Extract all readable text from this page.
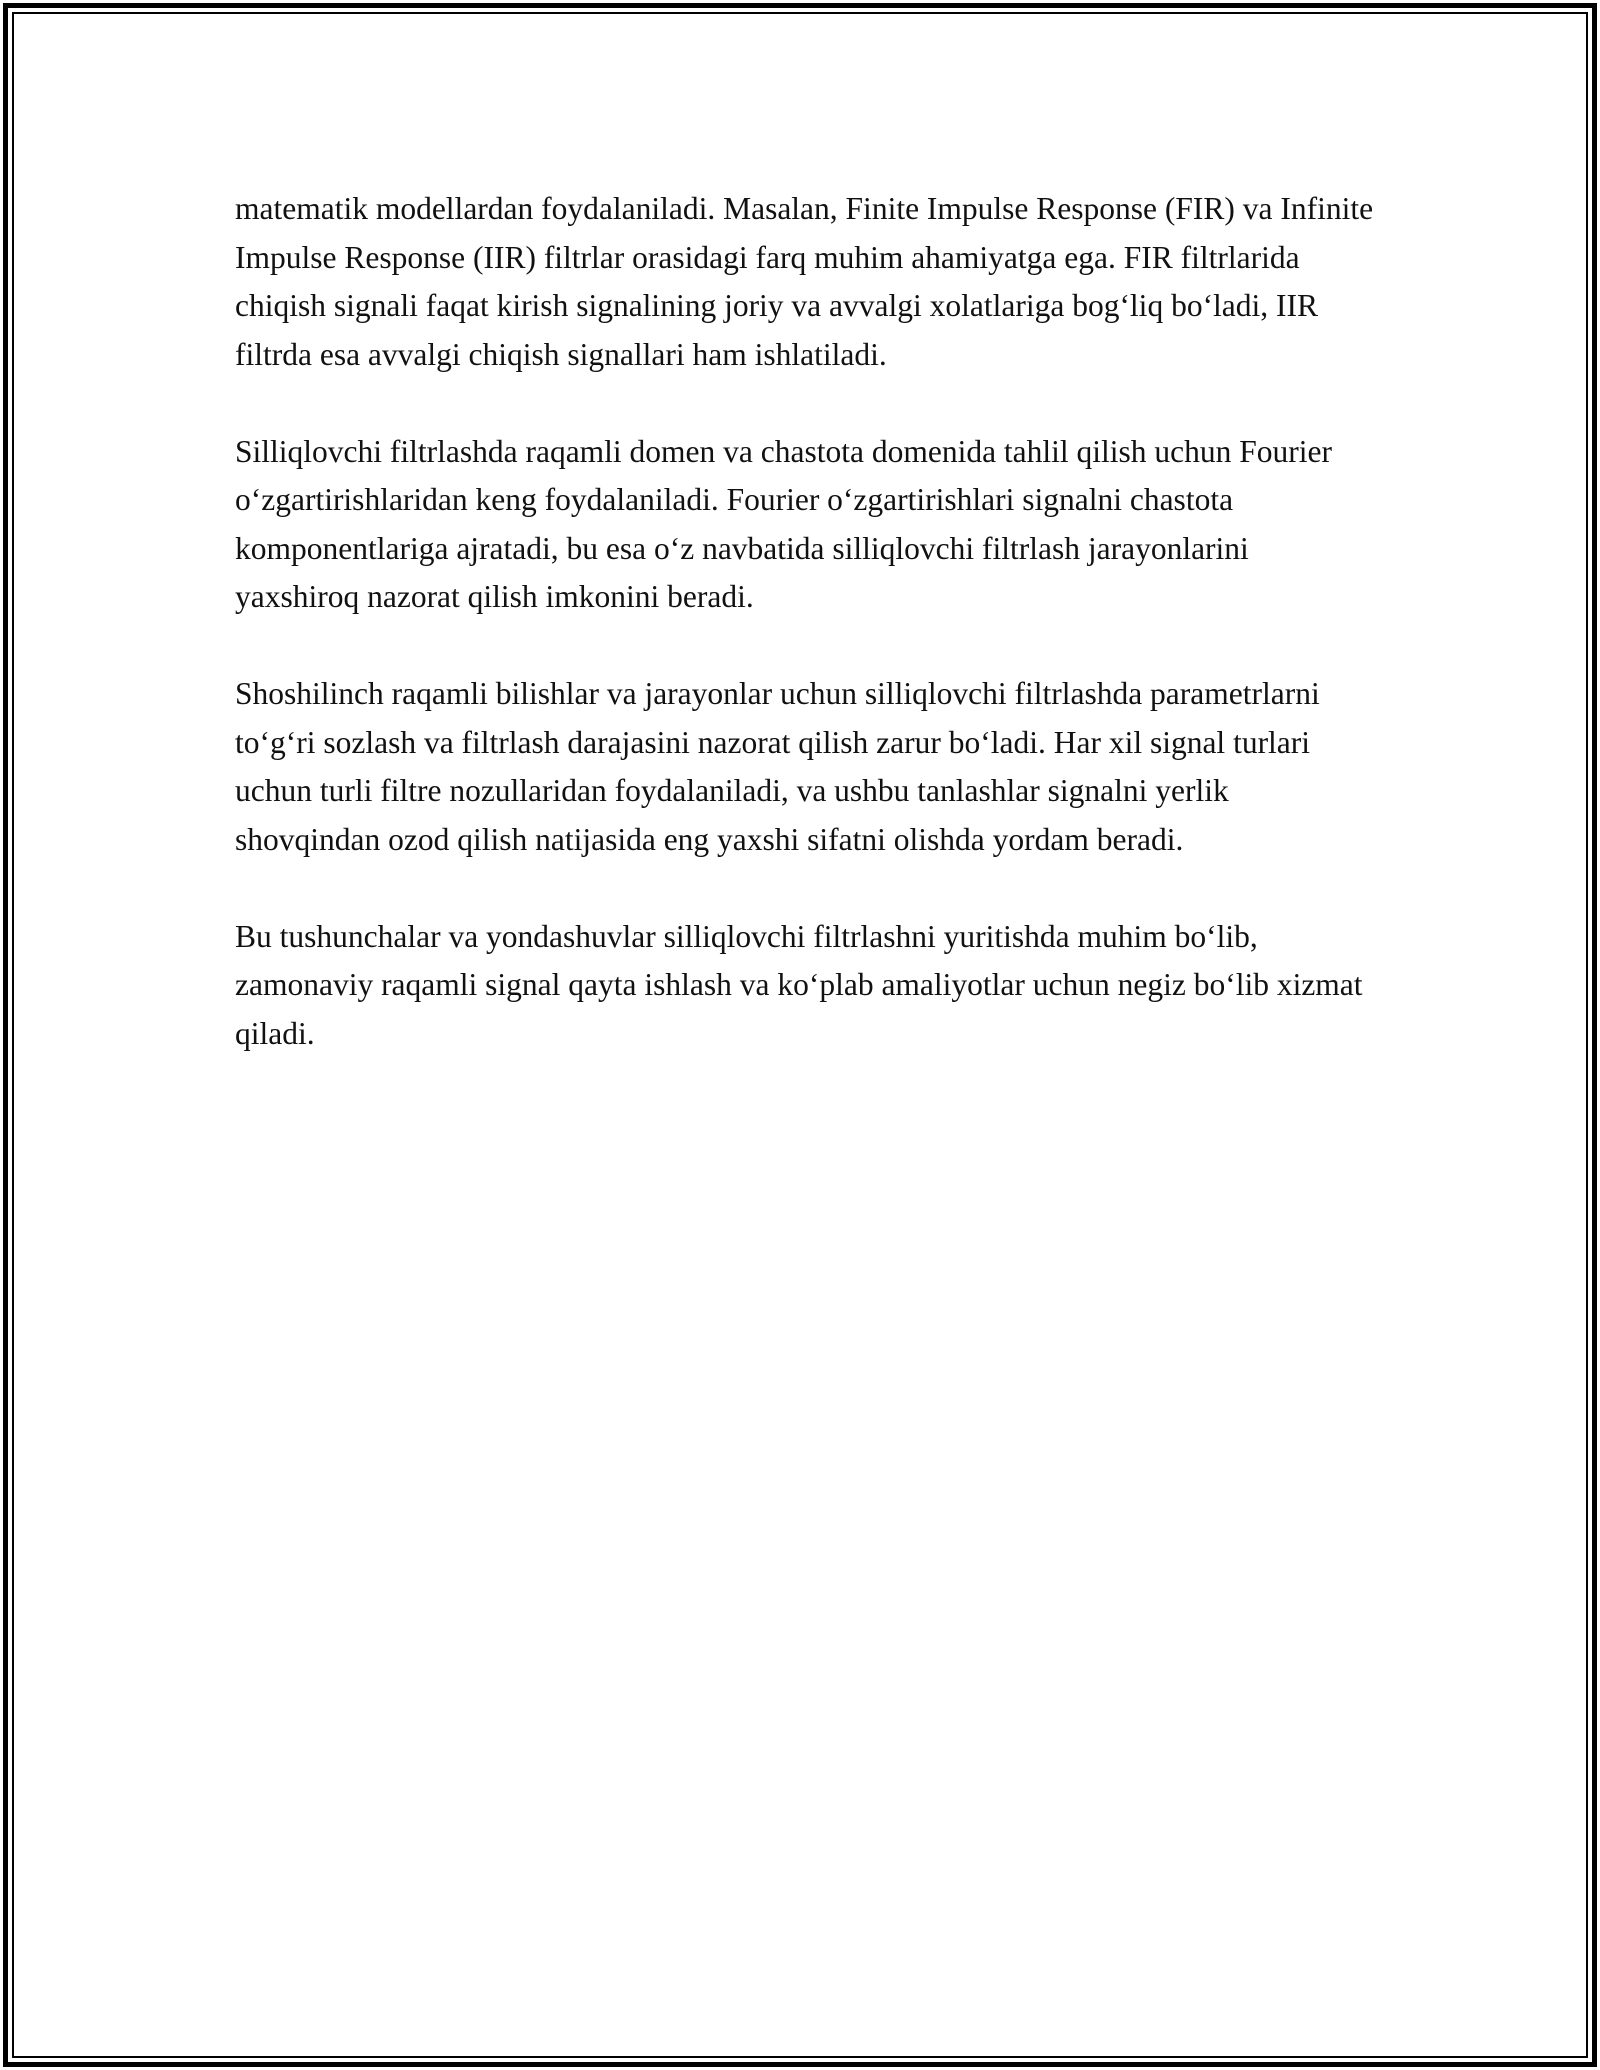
matematik modellardan foydalaniladi. Masalan, Finite Impulse Response (FIR) va Infinite Impulse Response (IIR) filtrlar orasidagi farq muhim ahamiyatga ega. FIR filtrlarida chiqish signali faqat kirish signalining joriy va avvalgi xolatlariga bog‘liq bo‘ladi, IIR filtrda esa avvalgi chiqish signallari ham ishlatiladi.

Silliqlovchi filtrlashda raqamli domen va chastota domenida tahlil qilish uchun Fourier o‘zgartirishlaridan keng foydalaniladi. Fourier o‘zgartirishlari signalni chastota komponentlariga ajratadi, bu esa o‘z navbatida silliqlovchi filtrlash jarayonlarini yaxshiroq nazorat qilish imkonini beradi.

Shoshilinch raqamli bilishlar va jarayonlar uchun silliqlovchi filtrlashda parametrlarni to‘g‘ri sozlash va filtrlash darajasini nazorat qilish zarur bo‘ladi. Har xil signal turlari uchun turli filtre nozullaridan foydalaniladi, va ushbu tanlashlar signalni yerlik shovqindan ozod qilish natijasida eng yaxshi sifatni olishda yordam beradi.

Bu tushunchalar va yondashuvlar silliqlovchi filtrlashni yuritishda muhim bo‘lib, zamonaviy raqamli signal qayta ishlash va ko‘plab amaliyotlar uchun negiz bo‘lib xizmat qiladi.
